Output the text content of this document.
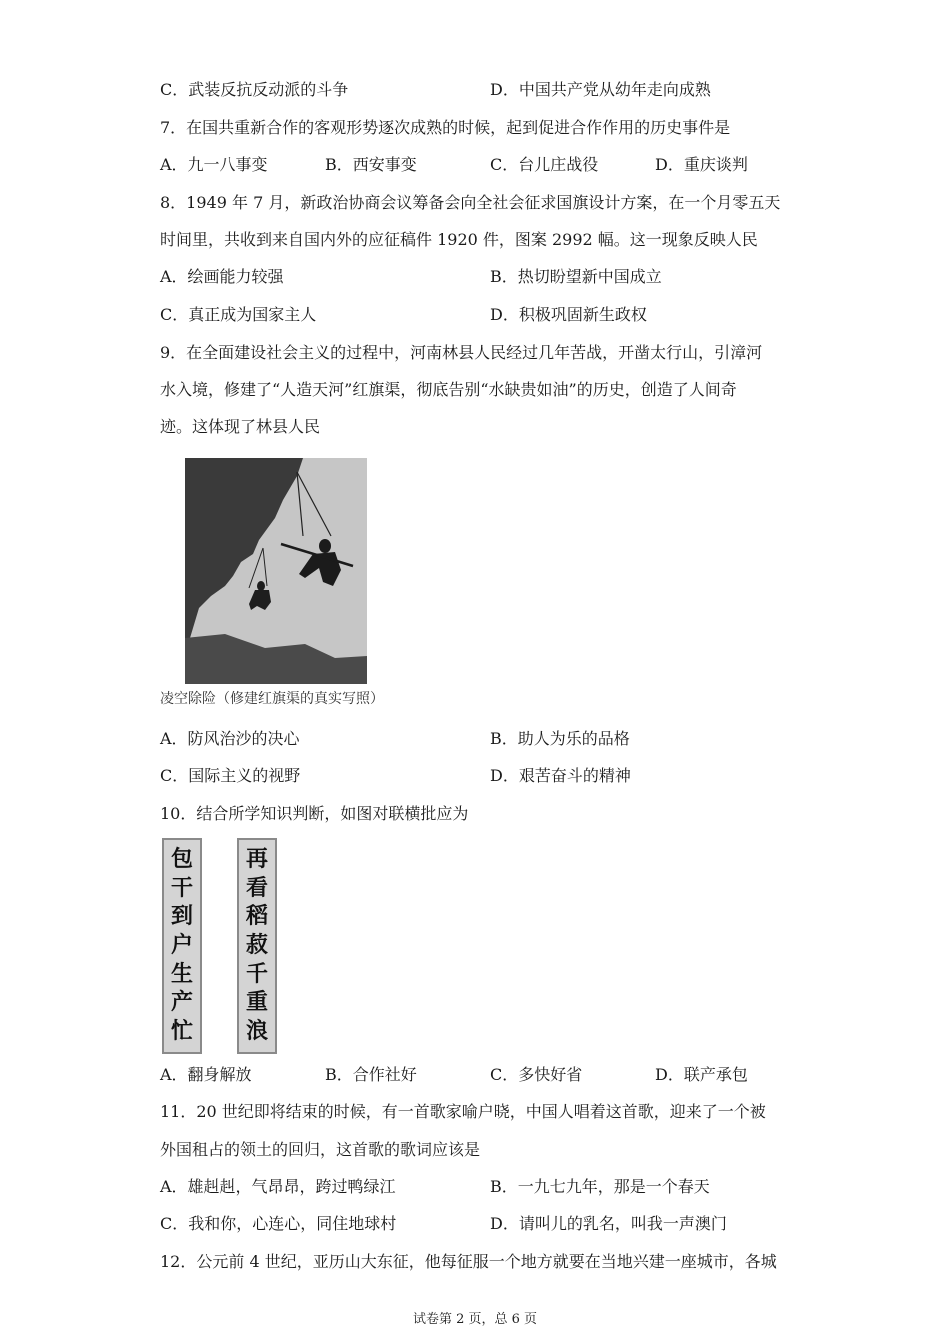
C．武装反抗反动派的斗争	D．中国共产党从幼年走向成熟
7．在国共重新合作的客观形势逐次成熟的时候，起到促进合作作用的历史事件是
A．九一八事变	B．西安事变	C．台儿庄战役	D．重庆谈判
8．1949 年 7 月，新政治协商会议筹备会向全社会征求国旗设计方案，在一个月零五天
时间里，共收到来自国内外的应征稿件 1920 件，图案 2992 幅。这一现象反映人民
A．绘画能力较强	B．热切盼望新中国成立
C．真正成为国家主人	D．积极巩固新生政权
9．在全面建设社会主义的过程中，河南林县人民经过几年苦战，开凿太行山，引漳河
水入境，修建了“人造天河”红旗渠，彻底告别“水缺贵如油”的历史，创造了人间奇
迹。这体现了林县人民
凌空除险（修建红旗渠的真实写照）
A．防风治沙的决心	B．助人为乐的品格
C．国际主义的视野	D．艰苦奋斗的精神
10．结合所学知识判断，如图对联横批应为
包
干
到
户
生
产
忙
再
看
稻
菽
千
重
浪
A．翻身解放	B．合作社好	C．多快好省	D．联产承包
11．20 世纪即将结束的时候，有一首歌家喻户晓，中国人唱着这首歌，迎来了一个被
外国租占的领土的回归，这首歌的歌词应该是
A．雄赳赳，气昂昂，跨过鸭绿江	B．一九七九年，那是一个春天
C．我和你，心连心，同住地球村	D．请叫儿的乳名，叫我一声澳门
12．公元前 4 世纪，亚历山大东征，他每征服一个地方就要在当地兴建一座城市，各城
试卷第 2 页，总 6 页
